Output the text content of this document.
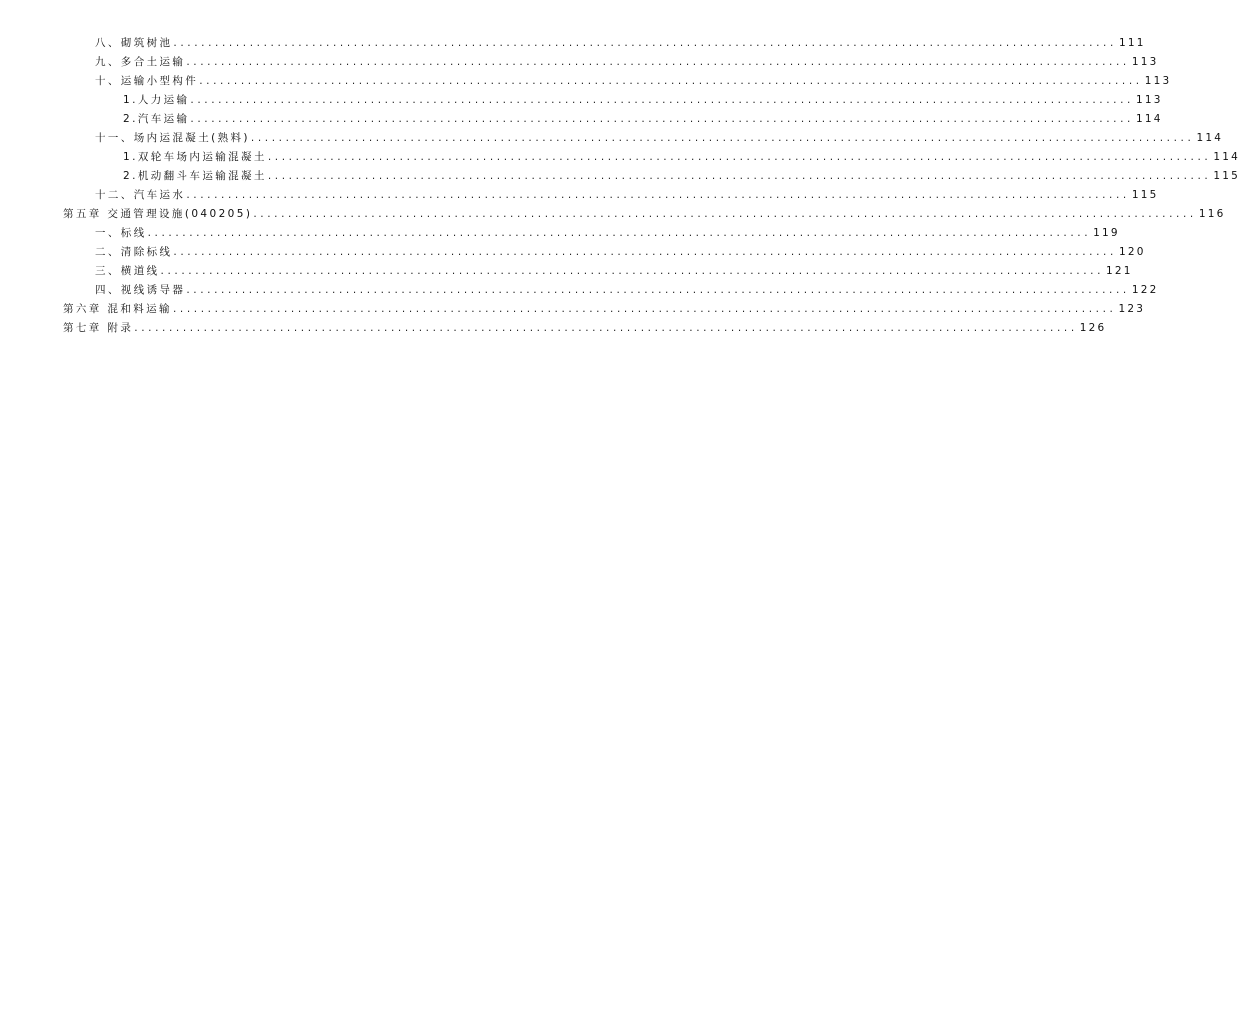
八、砌筑树池 ........................................................................................................................................ 111
九、多合土运输 ........................................................................................................................................ 113
十、运输小型构件 ........................................................................................................................................ 113
1.人力运输 ........................................................................................................................................ 113
2.汽车运输 ........................................................................................................................................ 114
十一、场内运混凝土(熟料) ........................................................................................................................................ 114
1.双轮车场内运输混凝土 ........................................................................................................................................ 114
2.机动翻斗车运输混凝土 ........................................................................................................................................ 115
十二、汽车运水 ........................................................................................................................................ 115
第五章 交通管理设施(040205) ........................................................................................................................................ 116
一、标线 ........................................................................................................................................ 119
二、清除标线 ........................................................................................................................................ 120
三、横道线 ........................................................................................................................................ 121
四、视线诱导器 ........................................................................................................................................ 122
第六章 混和料运输 ........................................................................................................................................ 123
第七章 附录 ........................................................................................................................................ 126
